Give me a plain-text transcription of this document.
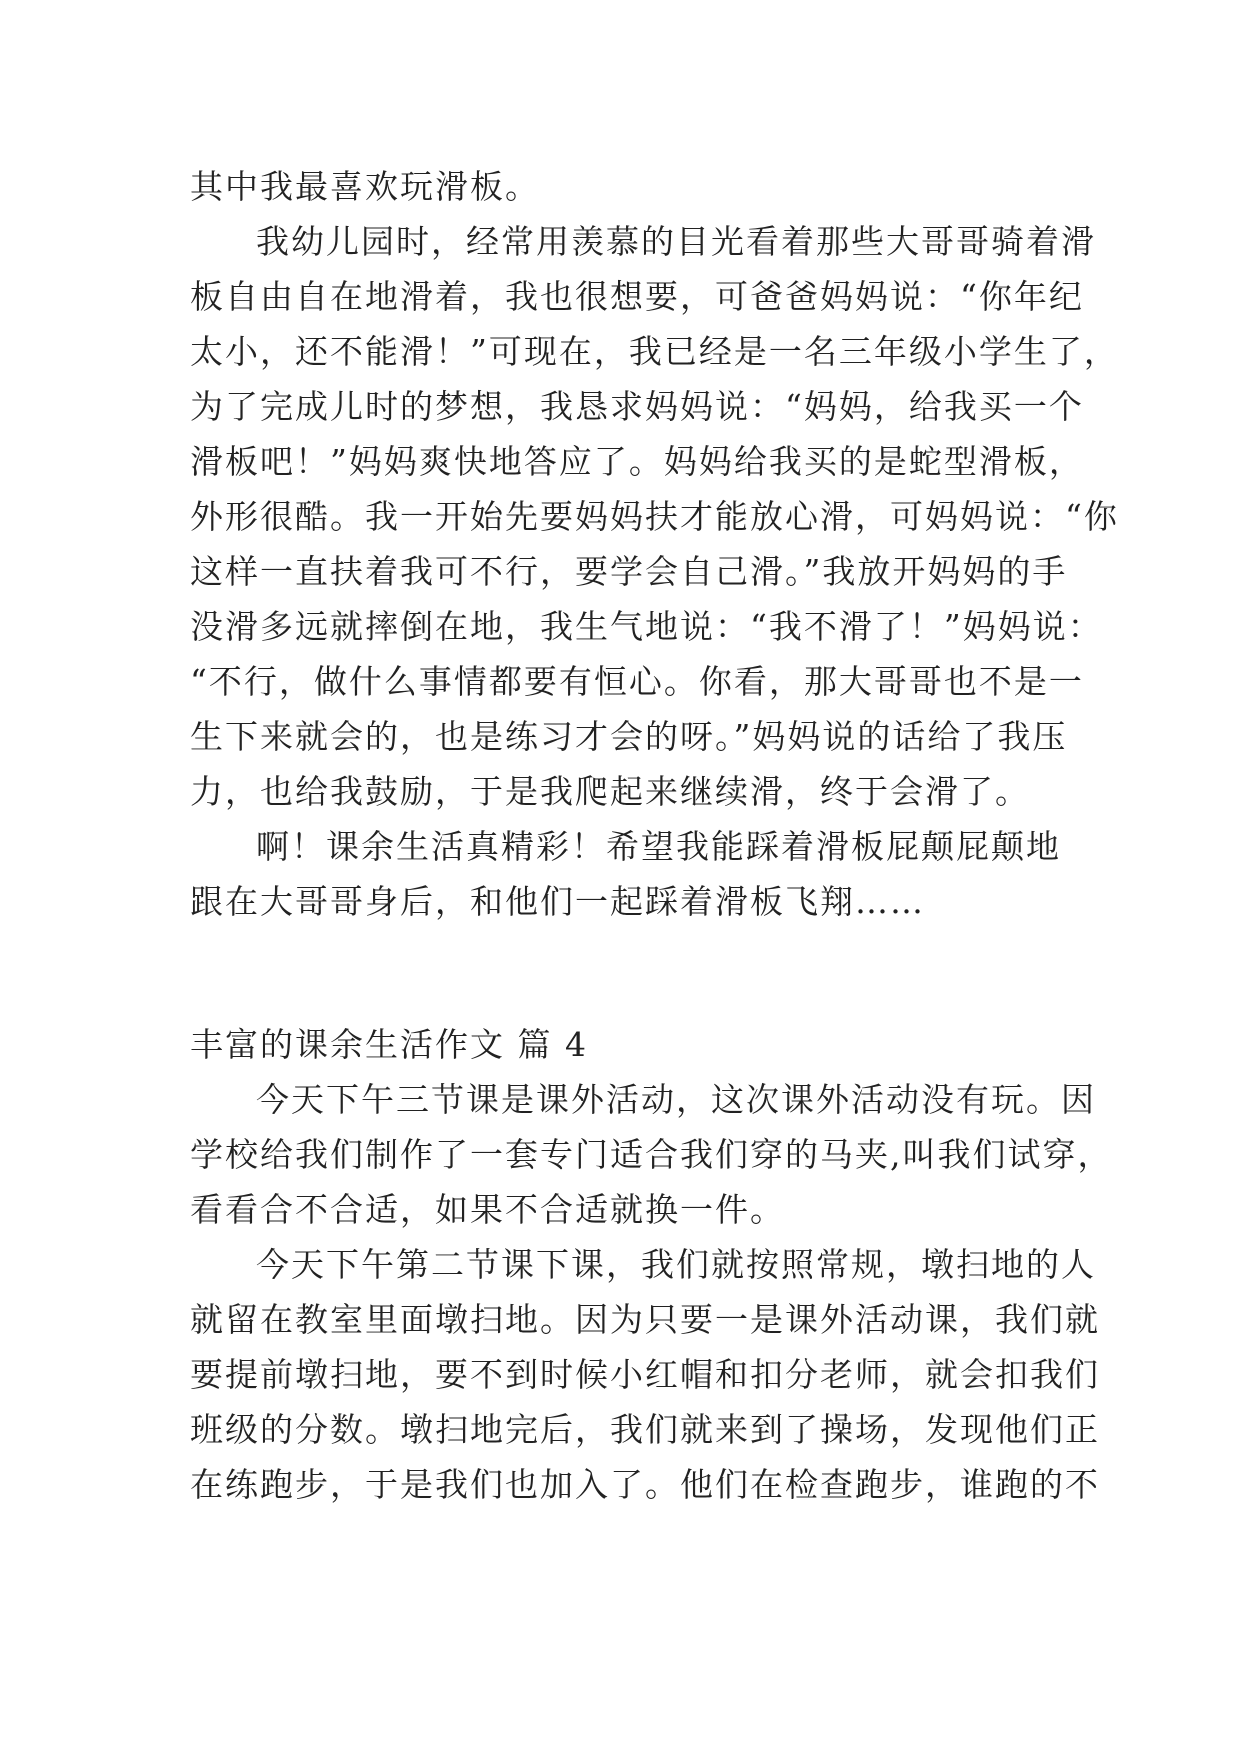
其中我最喜欢玩滑板。
我幼儿园时，经常用羡慕的目光看着那些大哥哥骑着滑
板自由自在地滑着，我也很想要，可爸爸妈妈说：“你年纪
太小，还不能滑！”可现在，我已经是一名三年级小学生了，
为了完成儿时的梦想，我恳求妈妈说：“妈妈，给我买一个
滑板吧！”妈妈爽快地答应了。妈妈给我买的是蛇型滑板，
外形很酷。我一开始先要妈妈扶才能放心滑，可妈妈说：“你
这样一直扶着我可不行，要学会自己滑。”我放开妈妈的手
没滑多远就摔倒在地，我生气地说：“我不滑了！”妈妈说：
“不行，做什么事情都要有恒心。你看，那大哥哥也不是一
生下来就会的，也是练习才会的呀。”妈妈说的话给了我压
力，也给我鼓励，于是我爬起来继续滑，终于会滑了。
啊！课余生活真精彩！希望我能踩着滑板屁颠屁颠地
跟在大哥哥身后，和他们一起踩着滑板飞翔……
丰富的课余生活作文 篇 4
今天下午三节课是课外活动，这次课外活动没有玩。因
学校给我们制作了一套专门适合我们穿的马夹,叫我们试穿，
看看合不合适，如果不合适就换一件。
今天下午第二节课下课，我们就按照常规，墩扫地的人
就留在教室里面墩扫地。因为只要一是课外活动课，我们就
要提前墩扫地，要不到时候小红帽和扣分老师，就会扣我们
班级的分数。墩扫地完后，我们就来到了操场，发现他们正
在练跑步，于是我们也加入了。他们在检查跑步，谁跑的不
